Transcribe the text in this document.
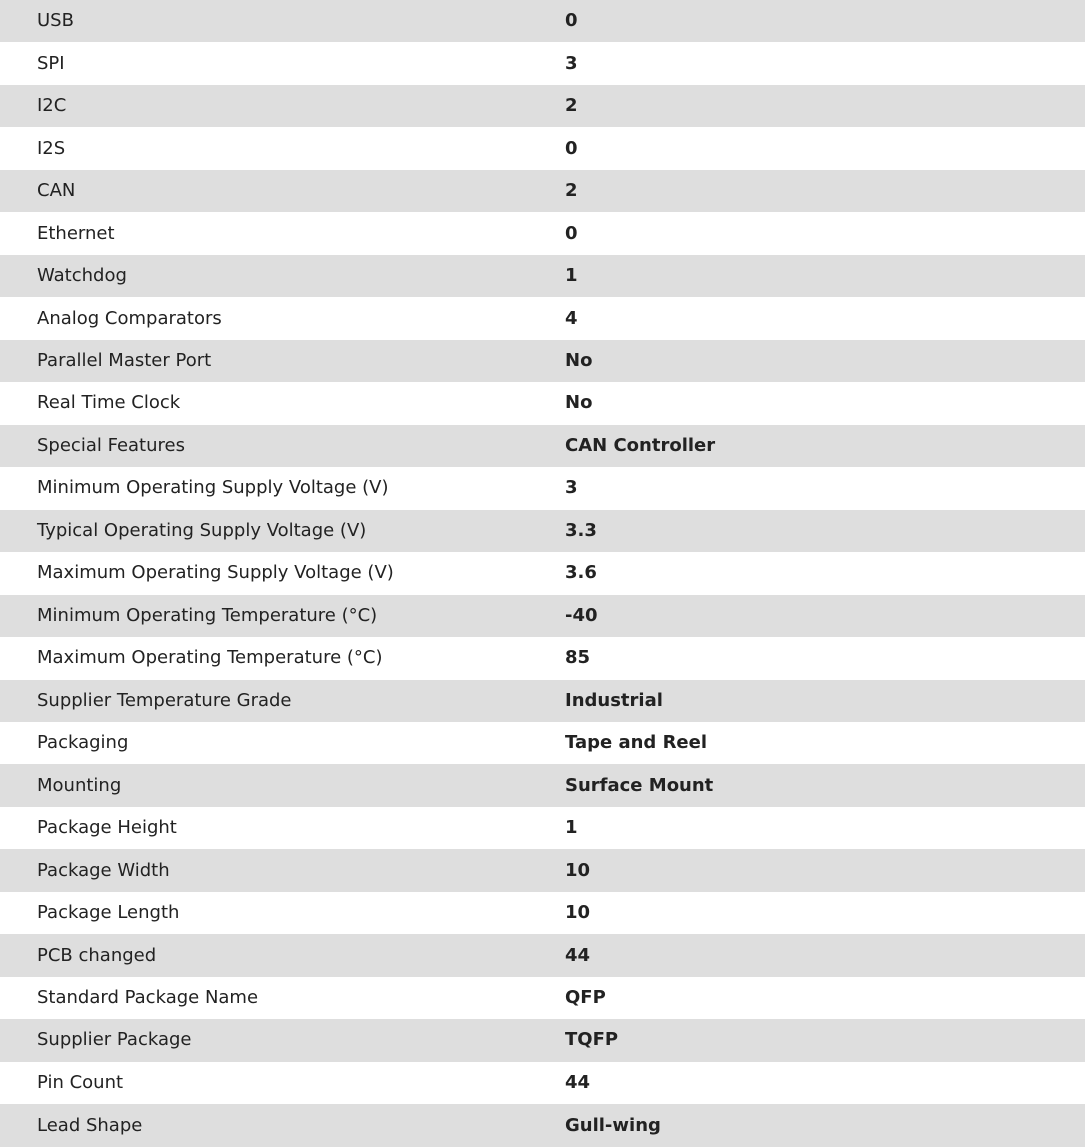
USB	0
SPI	3
I2C	2
I2S	0
CAN	2
Ethernet	0
Watchdog	1
Analog Comparators	4
Parallel Master Port	No
Real Time Clock	No
Special Features	CAN Controller
Minimum Operating Supply Voltage (V)	3
Typical Operating Supply Voltage (V)	3.3
Maximum Operating Supply Voltage (V)	3.6
Minimum Operating Temperature (°C)	-40
Maximum Operating Temperature (°C)	85
Supplier Temperature Grade	Industrial
Packaging	Tape and Reel
Mounting	Surface Mount
Package Height	1
Package Width	10
Package Length	10
PCB changed	44
Standard Package Name	QFP
Supplier Package	TQFP
Pin Count	44
Lead Shape	Gull-wing
